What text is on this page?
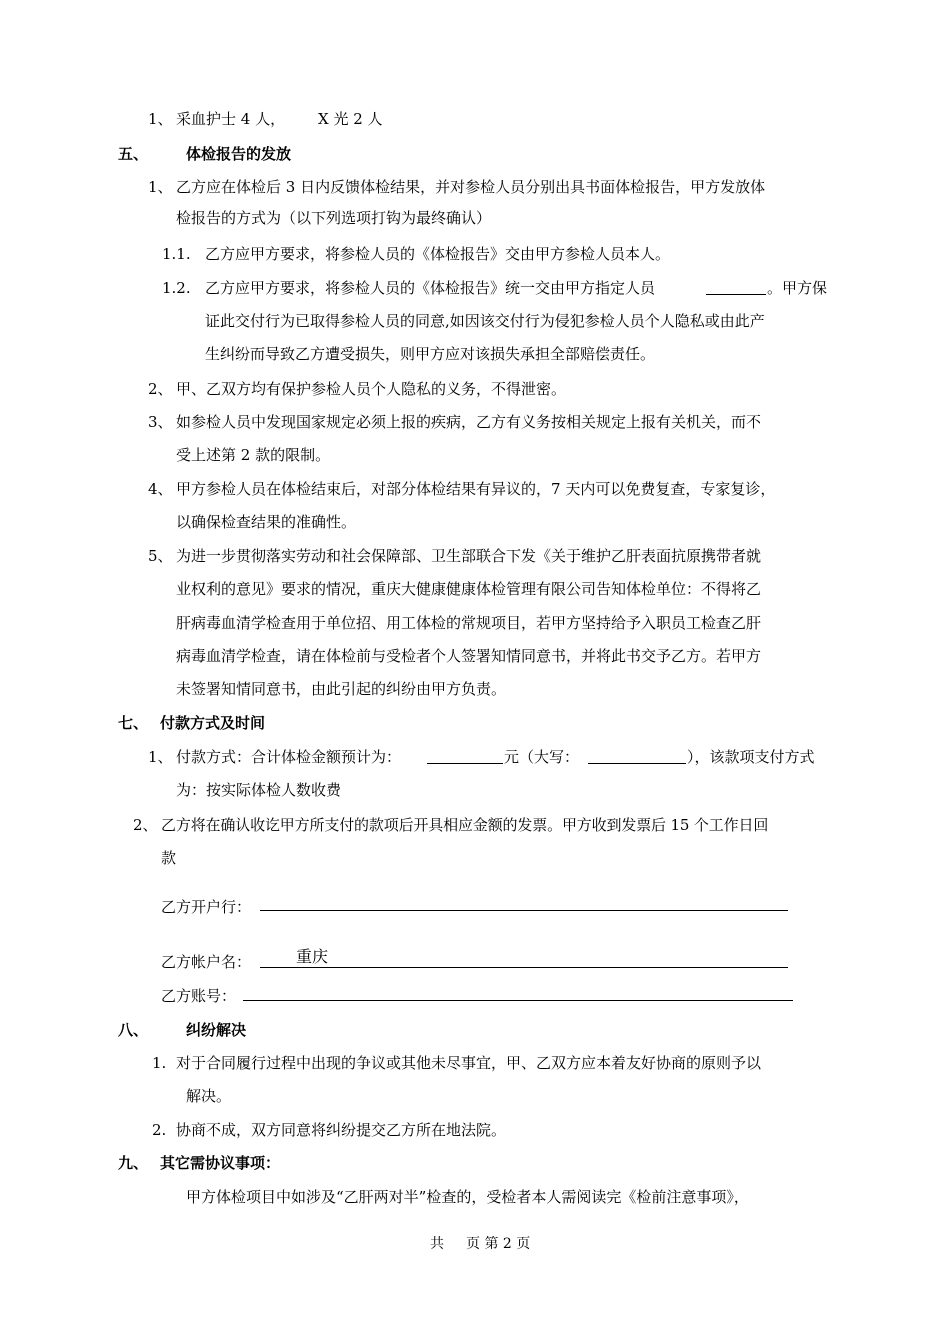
1、 采血护士 4 人， X 光 2 人
五、	体检报告的发放
1、 乙方应在体检后 3 日内反馈体检结果，并对参检人员分别出具书面体检报告，甲方发放体
检报告的方式为（以下列选项打钩为最终确认）
1.1. 乙方应甲方要求，将参检人员的《体检报告》交由甲方参检人员本人。
1.2. 乙方应甲方要求，将参检人员的《体检报告》统一交由甲方指定人员	。甲方保
证此交付行为已取得参检人员的同意,如因该交付行为侵犯参检人员个人隐私或由此产
生纠纷而导致乙方遭受损失，则甲方应对该损失承担全部赔偿责任。
2、 甲、乙双方均有保护参检人员个人隐私的义务，不得泄密。
3、 如参检人员中发现国家规定必须上报的疾病，乙方有义务按相关规定上报有关机关，而不
受上述第 2 款的限制。
4、 甲方参检人员在体检结束后，对部分体检结果有异议的，7 天内可以免费复查，专家复诊，
以确保检查结果的准确性。
5、 为进一步贯彻落实劳动和社会保障部、卫生部联合下发《关于维护乙肝表面抗原携带者就
业权利的意见》要求的情况，重庆大健康健康体检管理有限公司告知体检单位：不得将乙
肝病毒血清学检查用于单位招、用工体检的常规项目，若甲方坚持给予入职员工检查乙肝
病毒血清学检查，请在体检前与受检者个人签署知情同意书，并将此书交予乙方。若甲方
未签署知情同意书，由此引起的纠纷由甲方负责。
七、 付款方式及时间
1、 付款方式：合计体检金额预计为：	元（大写：	），该款项支付方式
为：按实际体检人数收费
2、 乙方将在确认收讫甲方所支付的款项后开具相应金额的发票。甲方收到发票后 15 个工作日回
款
乙方开户行：
乙方帐户名：	重庆
乙方账号：
八、	纠纷解决
1. 对于合同履行过程中出现的争议或其他未尽事宜，甲、乙双方应本着友好协商的原则予以
解决。
2. 协商不成，双方同意将纠纷提交乙方所在地法院。
九、 其它需协议事项：
甲方体检项目中如涉及“乙肝两对半”检查的，受检者本人需阅读完《检前注意事项》，
共 页 第 2 页
